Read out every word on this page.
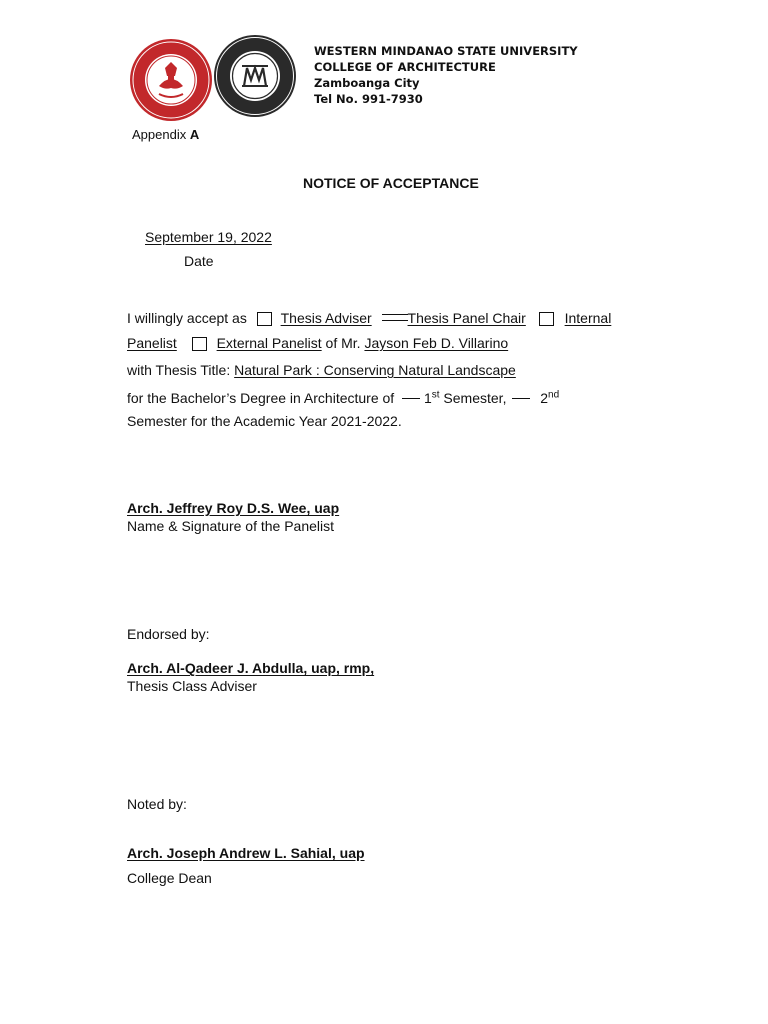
WESTERN MINDANAO STATE UNIVERSITY
COLLEGE OF ARCHITECTURE
Zamboanga City
Tel No. 991-7930
Appendix A
NOTICE OF ACCEPTANCE
September 19, 2022
Date
I willingly accept as Thesis Adviser	Thesis Panel Chair	Internal
Panelist	External Panelist of Mr. Jayson Feb D. Villarino
with Thesis Title: Natural Park : Conserving Natural Landscape
for the Bachelor’s Degree in Architecture of 1st Semester, 2nd
Semester for the Academic Year 2021-2022.
Arch. Jeffrey Roy D.S. Wee, uap
Name & Signature of the Panelist
Endorsed by:
Arch. Al-Qadeer J. Abdulla, uap, rmp,
Thesis Class Adviser
Noted by:
Arch. Joseph Andrew L. Sahial, uap
College Dean
